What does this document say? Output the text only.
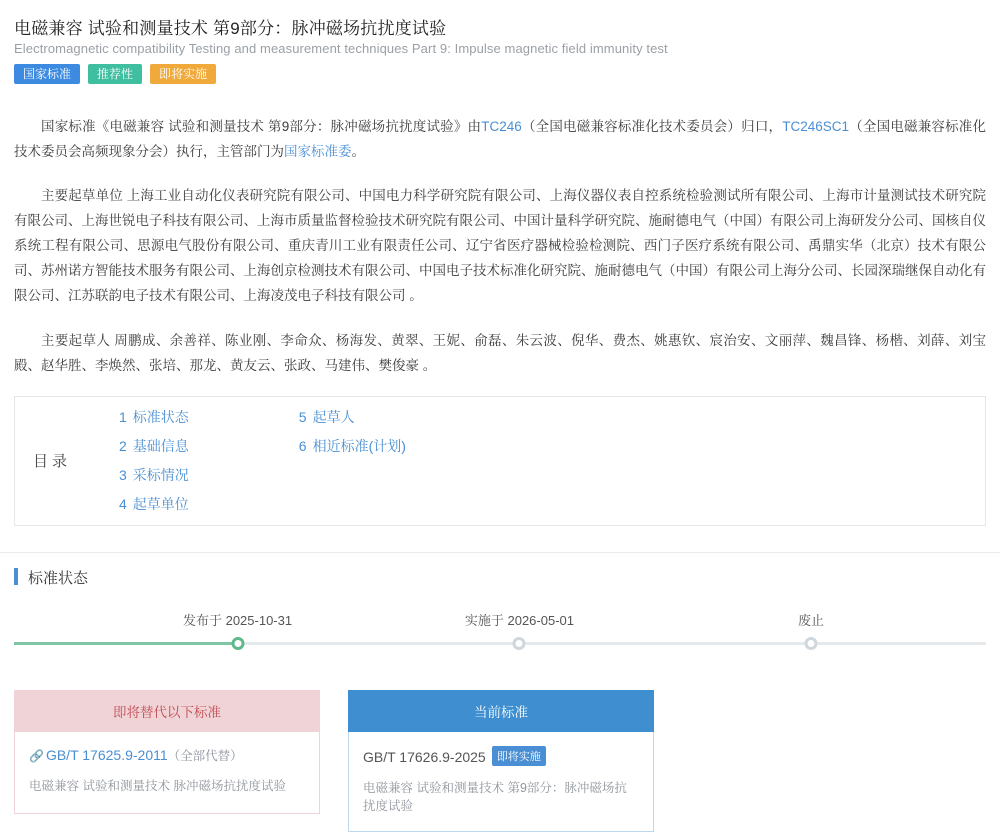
电磁兼容 试验和测量技术 第9部分：脉冲磁场抗扰度试验
Electromagnetic compatibility Testing and measurement techniques Part 9: Impulse magnetic field immunity test
国家标准	推荐性	即将实施

国家标准《电磁兼容 试验和测量技术 第9部分：脉冲磁场抗扰度试验》由TC246（全国电磁兼容标准化技术委员会）归口，TC246SC1（全国电磁兼容标准化技术委员会高频现象分会）执行，主管部门为国家标准委。

主要起草单位 上海工业自动化仪表研究院有限公司、中国电力科学研究院有限公司、上海仪器仪表自控系统检验测试所有限公司、上海市计量测试技术研究院有限公司、上海世锐电子科技有限公司、上海市质量监督检验技术研究院有限公司、中国计量科学研究院、施耐德电气（中国）有限公司上海研发分公司、国核自仪系统工程有限公司、思源电气股份有限公司、重庆青川工业有限责任公司、辽宁省医疗器械检验检测院、西门子医疗系统有限公司、禹鼎实华（北京）技术有限公司、苏州诺方智能技术服务有限公司、上海创京检测技术有限公司、中国电子技术标准化研究院、施耐德电气（中国）有限公司上海分公司、长园深瑞继保自动化有限公司、江苏联韵电子技术有限公司、上海凌茂电子科技有限公司 。

主要起草人 周鹏成、余善祥、陈业刚、李命众、杨海发、黄翠、王妮、俞磊、朱云波、倪华、费杰、姚惠钦、宸治安、文丽萍、魏昌锋、杨楷、刘薛、刘宝殿、赵华胜、李焕然、张培、那龙、黄友云、张政、马建伟、樊俊豪 。

目录
1 标准状态
2 基础信息
3 采标情况
4 起草单位
5 起草人
6 相近标准(计划)
标准状态
发布于 2025-10-31	实施于 2026-05-01	废止
即将替代以下标准
🔗 GB/T 17625.9-2011（全部代替）
电磁兼容 试验和测量技术 脉冲磁场抗扰度试验
当前标准
GB/T 17626.9-2025 即将实施
电磁兼容 试验和测量技术 第9部分：脉冲磁场抗扰度试验
